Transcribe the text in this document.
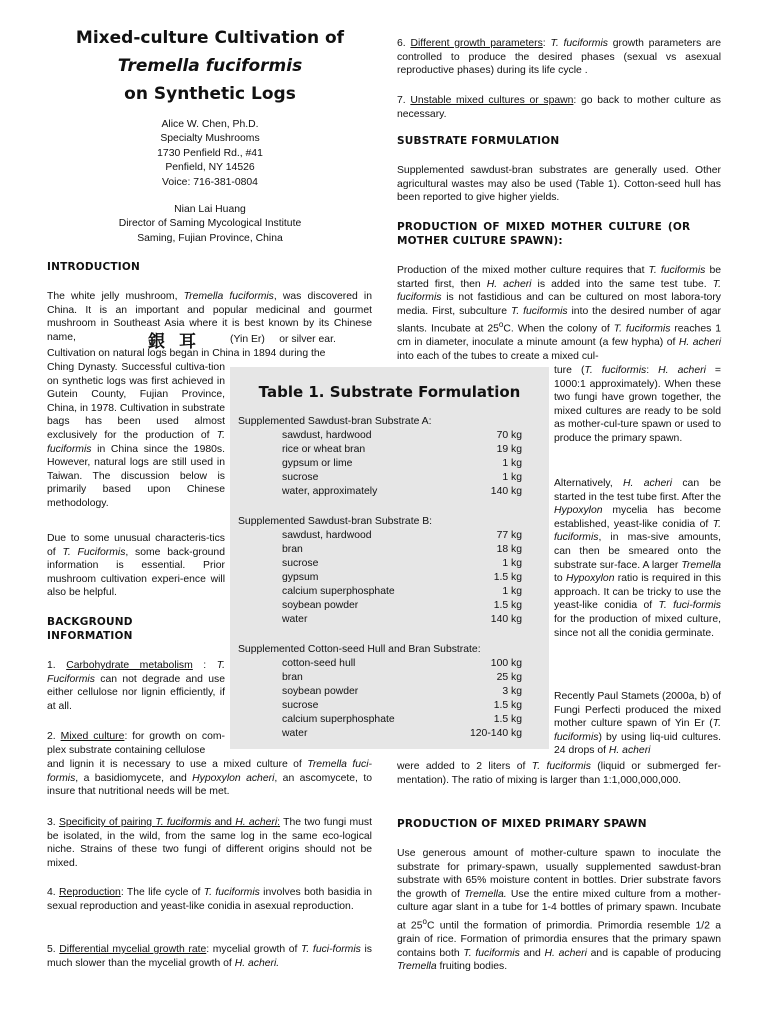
Mixed-culture Cultivation of
Tremella fuciformis
on Synthetic Logs
Alice W. Chen, Ph.D.
Specialty Mushrooms
1730 Penfield Rd., #41
Penfield, NY 14526
Voice: 716-381-0804
Nian Lai Huang
Director of Saming Mycological Institute
Saming, Fujian Province, China
INTRODUCTION

The white jelly mushroom, Tremella fuciformis, was discovered in China. It is an important and popular medicinal and gourmet mushroom in Southeast Asia where it is best known by its Chinese name,	銀耳 (Yin Er)     or silver ear.
Cultivation on natural logs began in China in 1894 during the

Ching Dynasty. Successful cultiva-tion on synthetic logs was first achieved in Gutein County, Fujian Province, China, in 1978. Cultivation in substrate bags has been used almost exclusively for the production of T. fuciformis in China since the 1980s. However, natural logs are still used in Taiwan. The discussion below is primarily based upon Chinese methodology.

Due to some unusual characteris-tics of T. Fuciformis, some back-ground information is essential. Prior mushroom cultivation experi-ence will also be helpful.

BACKGROUND
INFORMATION

1. Carbohydrate metabolism : T. Fuciformis can not degrade and use either cellulose nor lignin efficiently, if at all.

2. Mixed culture: for growth on com-plex substrate containing cellulose

and lignin it is necessary to use a mixed culture of Tremella fuci-formis, a basidiomycete, and Hypoxylon acheri, an ascomycete, to insure that nutritional needs will be met.

3. Specificity of pairing T. fuciformis and H. acheri: The two fungi must be isolated, in the wild, from the same log in the same eco-logical niche. Strains of these two fungi of different origins should not be mixed.

4. Reproduction: The life cycle of T. fuciformis involves both basidia in sexual reproduction and yeast-like conidia in asexual reproduction.

5. Differential mycelial growth rate: mycelial growth of T. fuci-formis is much slower than the mycelial growth of H. acheri.

6. Different growth parameters: T. fuciformis growth parameters are controlled to produce the desired phases (sexual vs asexual reproductive phases) during its life cycle .

7. Unstable mixed cultures or spawn: go back to mother culture as necessary.

SUBSTRATE FORMULATION

Supplemented sawdust-bran substrates are generally used. Other agricultural wastes may also be used (Table 1). Cotton-seed hull has been reported to give higher yields.

PRODUCTION OF MIXED MOTHER CULTURE (OR
MOTHER CULTURE SPAWN):

Production of the mixed mother culture requires that T. fuciformis be started first, then H. acheri is added into the same test tube. T. fuciformis is not fastidious and can be cultured on most labora-tory media. First, subculture T. fuciformis into the desired number of agar slants. Incubate at 25$^o$C. When the colony of T. fuciformis reaches 1 cm in diameter, inoculate a minute amount (a few hypha) of H. acheri into each of the tubes to create a mixed cul-

ture (T. fuciformis: H. acheri = 1000:1 approximately). When these two fungi have grown together, the mixed cultures are ready to be sold as mother-cul-ture spawn or used to produce the primary spawn.

Alternatively, H. acheri can be started in the test tube first. After the Hypoxylon mycelia has become established, yeast-like conidia of T. fuciformis, in mas-sive amounts, can then be smeared onto the substrate sur-face. A larger Tremella to Hypoxylon ratio is required in this approach. It can be tricky to use the yeast-like conidia of T. fuci-formis for the production of mixed culture, since not all the conidia germinate.

Recently Paul Stamets (2000a, b) of Fungi Perfecti produced the mixed mother culture spawn of Yin Er (T. fuciformis) by using liq-uid cultures. 24 drops of H. acheri

were added to 2 liters of T. fuciformis (liquid or submerged fer-mentation). The ratio of mixing is larger than 1:1,000,000,000.

PRODUCTION OF MIXED PRIMARY SPAWN

Use generous amount of mother-culture spawn to inoculate the substrate for primary-spawn, usually supplemented sawdust-bran substrate with 65% moisture content in bottles. Drier substrate favors the growth of Tremella. Use the entire mixed culture from a mother-culture agar slant in a tube for 1-4 bottles of primary spawn. Incubate at 25$^o$C until the formation of primordia. Primordia resemble 1/2 a grain of rice. Formation of primordia ensures that the primary spawn contains both T. fuciformis and H. acheri and is capable of producing Tremella fruiting bodies.

Table 1. Substrate Formulation
Supplemented Sawdust-bran Substrate A:
sawdust, hardwood	70 kg
rice or wheat bran	19 kg
gypsum or lime	1 kg
sucrose	1 kg
water, approximately	140 kg
Supplemented Sawdust-bran Substrate B:
sawdust, hardwood	77 kg
bran	18 kg
sucrose	1 kg
gypsum	1.5 kg
calcium superphosphate	1 kg
soybean powder	1.5 kg
water	140 kg
Supplemented Cotton-seed Hull and Bran Substrate:
cotton-seed hull	100 kg
bran	25 kg
soybean powder	3 kg
sucrose	1.5 kg
calcium superphosphate	1.5 kg
water	120-140 kg
